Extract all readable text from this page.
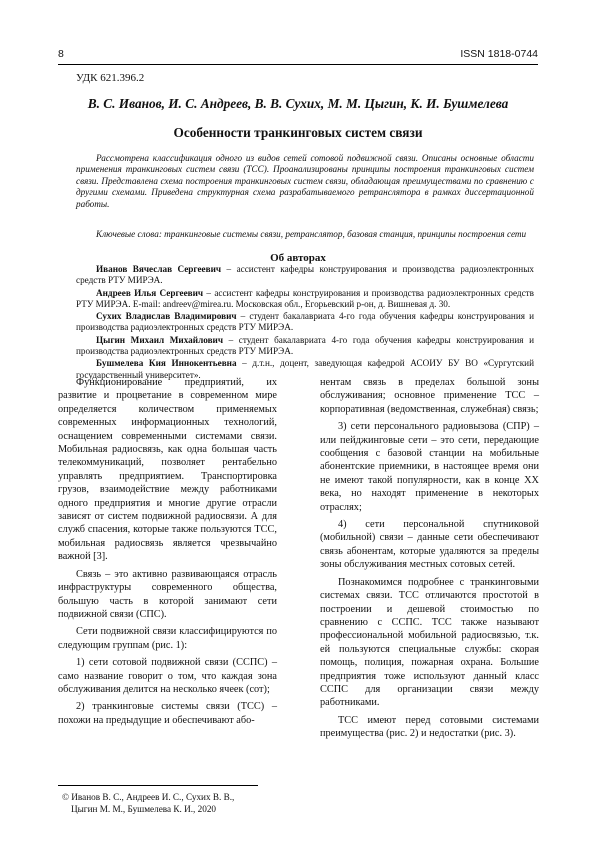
8	ISSN 1818-0744
УДК 621.396.2
В. С. Иванов, И. С. Андреев, В. В. Сухих, М. М. Цыгин, К. И. Бушмелева
Особенности транкинговых систем связи

Рассмотрена классификация одного из видов сетей сотовой подвижной связи. Описаны основные области применения транкинговых систем связи (ТСС). Проанализированы принципы построения транкинговых систем связи. Представлена схема построения транкинговых систем связи, обладающая преимуществами по сравнению с другими схемами. Приведена структурная схема разрабатываемого ретранслятора в рамках диссертационной работы.

Ключевые слова: транкинговые системы связи, ретранслятор, базовая станция, принципы построения сети

Об авторах

Иванов Вячеслав Сергеевич – ассистент кафедры конструирования и производства радиоэлектронных средств РТУ МИРЭА.

Андреев Илья Сергеевич – ассистент кафедры конструирования и производства радиоэлектронных средств РТУ МИРЭА. E-mail: andreev@mirea.ru. Московская обл., Егорьевский р-он, д. Вишневая д. 30.

Сухих Владислав Владимирович – студент бакалавриата 4-го года обучения кафедры конструирования и производства радиоэлектронных средств РТУ МИРЭА.

Цыгин Михаил Михайлович – студент бакалавриата 4-го года обучения кафедры конструирования и производства радиоэлектронных средств РТУ МИРЭА.

Бушмелева Кия Иннокентьевна – д.т.н., доцент, заведующая кафедрой АСОИУ БУ ВО «Сургутский государственный университет».

Функционирование предприятий, их развитие и процветание в современном мире определяется количеством применяемых современных информационных технологий, оснащением современными системами связи. Мобильная радиосвязь, как одна большая часть телекоммуникаций, позволяет рентабельно управлять предприятием. Транспортировка грузов, взаимодействие между работниками одного предприятия и многие другие отрасли зависят от систем подвижной радиосвязи. А для служб спасения, которые также пользуются ТСС, мобильная радиосвязь является чрезвычайно важной [3].

Связь – это активно развивающаяся отрасль инфраструктуры современного общества, большую часть в которой занимают сети подвижной связи (СПС).

Сети подвижной связи классифицируются по следующим группам (рис. 1):

1) сети сотовой подвижной связи (ССПС) – само название говорит о том, что каждая зона обслуживания делится на несколько ячеек (сот);

2) транкинговые системы связи (ТСС) – похожи на предыдущие и обеспечивают або-

нентам связь в пределах большой зоны обслуживания; основное применение ТСС – корпоративная (ведомственная, служебная) связь;

3) сети персонального радиовызова (СПР) – или пейджинговые сети – это сети, передающие сообщения с базовой станции на мобильные абонентские приемники, в настоящее время они не имеют такой популярности, как в конце ХХ века, но находят применение в некоторых отраслях;

4) сети персональной спутниковой (мобильной) связи – данные сети обеспечивают связь абонентам, которые удаляются за пределы зоны обслуживания местных сотовых сетей.

Познакомимся подробнее с транкинговыми системах связи. ТСС отличаются простотой в построении и дешевой стоимостью по сравнению с ССПС. ТСС также называют профессиональной мобильной радиосвязью, т.к. ей пользуются специальные службы: скорая помощь, полиция, пожарная охрана. Большие предприятия тоже используют данный класс ССПС для организации связи между работниками.

ТСС имеют перед сотовыми системами преимущества (рис. 2) и недостатки (рис. 3).

© Иванов В. С., Андреев И. С., Сухих В. В.,
Цыгин М. М., Бушмелева К. И., 2020
